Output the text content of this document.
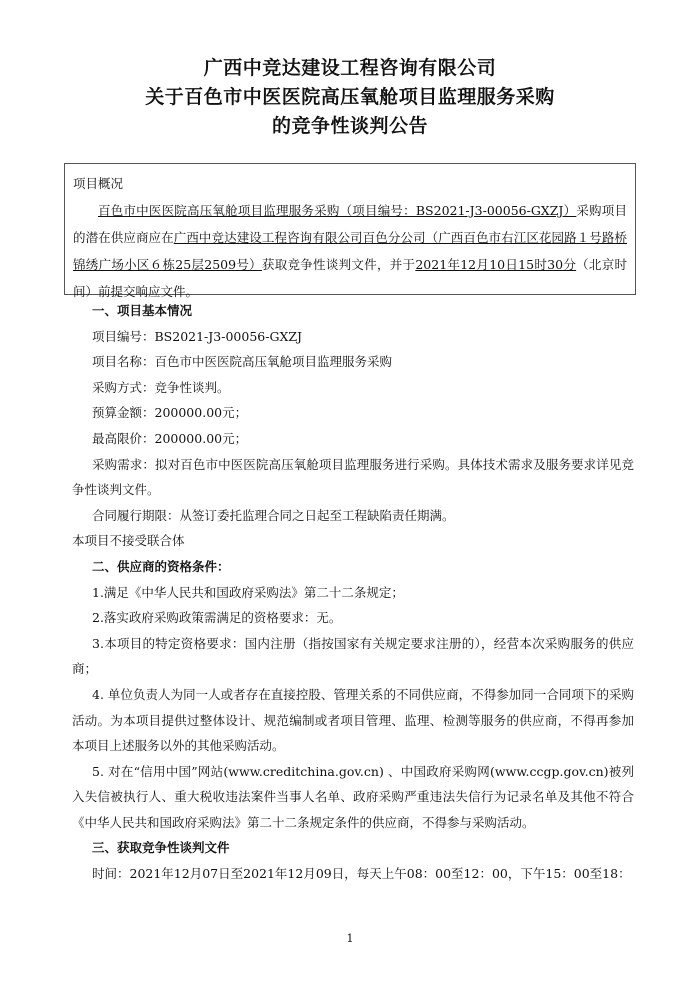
广西中竞达建设工程咨询有限公司
关于百色市中医医院高压氧舱项目监理服务采购
的竞争性谈判公告
项目概况
百色市中医医院高压氧舱项目监理服务采购（项目编号：BS2021-J3-00056-GXZJ）采购项目的潜在供应商应在广西中竞达建设工程咨询有限公司百色分公司（广西百色市右江区花园路１号路桥锦绣广场小区６栋25层2509号）获取竞争性谈判文件，并于2021年12月10日15时30分（北京时间）前提交响应文件。
一、项目基本情况
项目编号：BS2021-J3-00056-GXZJ
项目名称：百色市中医医院高压氧舱项目监理服务采购
采购方式：竞争性谈判。
预算金额：200000.00元；
最高限价：200000.00元；
采购需求：拟对百色市中医医院高压氧舱项目监理服务进行采购。具体技术需求及服务要求详见竞争性谈判文件。
合同履行期限：从签订委托监理合同之日起至工程缺陷责任期满。
本项目不接受联合体
二、供应商的资格条件：
1.满足《中华人民共和国政府采购法》第二十二条规定；
2.落实政府采购政策需满足的资格要求：无。
3.本项目的特定资格要求：国内注册（指按国家有关规定要求注册的），经营本次采购服务的供应商；
4. 单位负责人为同一人或者存在直接控股、管理关系的不同供应商，不得参加同一合同项下的采购活动。为本项目提供过整体设计、规范编制或者项目管理、监理、检测等服务的供应商，不得再参加本项目上述服务以外的其他采购活动。
5. 对在“信用中国”网站(www.creditchina.gov.cn) 、中国政府采购网(www.ccgp.gov.cn)被列入失信被执行人、重大税收违法案件当事人名单、政府采购严重违法失信行为记录名单及其他不符合《中华人民共和国政府采购法》第二十二条规定条件的供应商，不得参与采购活动。
三、获取竞争性谈判文件
时间：2021年12月07日至2021年12月09日，每天上午08：00至12：00，下午15：00至18：
1
